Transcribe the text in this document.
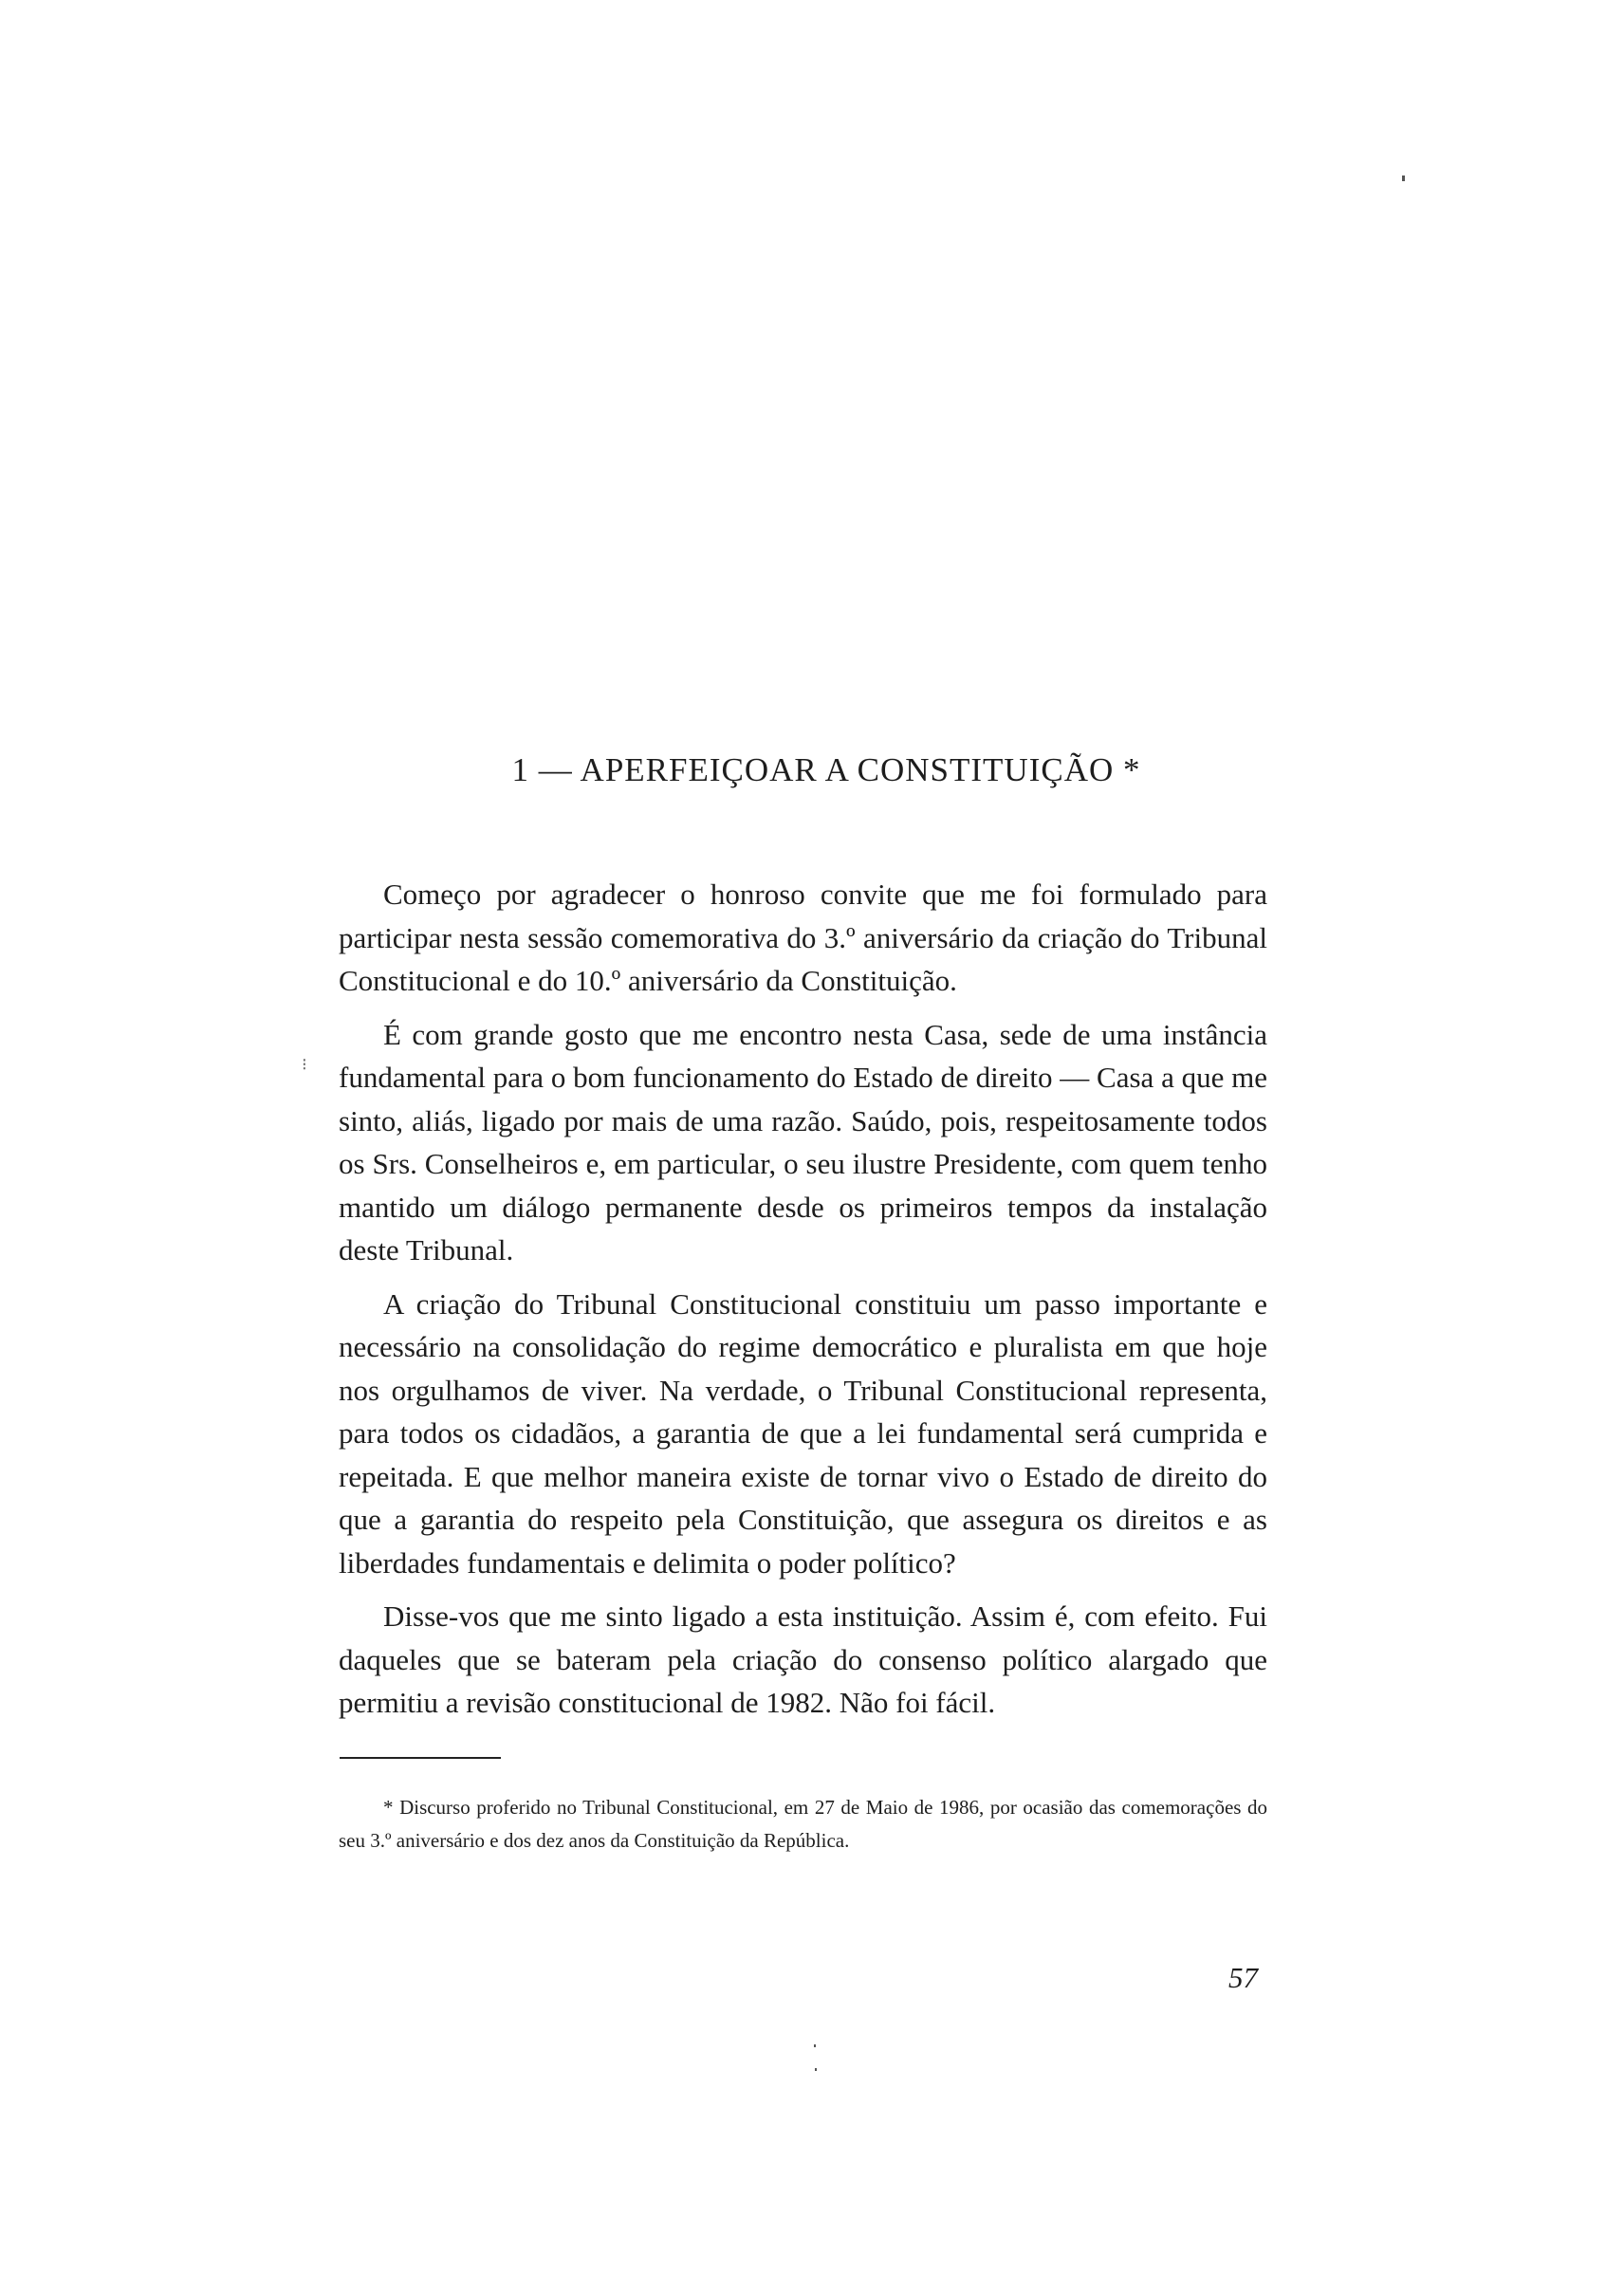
1 — APERFEIÇOAR A CONSTITUIÇÃO *
⁝

Começo por agradecer o honroso convite que me foi formulado para participar nesta sessão comemorativa do 3.º aniversário da criação do Tribunal Constitucional e do 10.º aniversário da Constituição.

É com grande gosto que me encontro nesta Casa, sede de uma instância fundamental para o bom funcionamento do Estado de direito — Casa a que me sinto, aliás, ligado por mais de uma razão. Saúdo, pois, respeitosamente todos os Srs. Conselheiros e, em particular, o seu ilustre Presidente, com quem tenho mantido um diálogo permanente desde os primeiros tempos da instalação deste Tribunal.

A criação do Tribunal Constitucional constituiu um passo importante e necessário na consolidação do regime democrático e pluralista em que hoje nos orgulhamos de viver. Na verdade, o Tribunal Constitucional representa, para todos os cidadãos, a garantia de que a lei fundamental será cumprida e repeitada. E que melhor maneira existe de tornar vivo o Estado de direito do que a garantia do respeito pela Constituição, que assegura os direitos e as liberdades fundamentais e delimita o poder político?

Disse-vos que me sinto ligado a esta instituição. Assim é, com efeito. Fui daqueles que se bateram pela criação do consenso político alargado que permitiu a revisão constitucional de 1982. Não foi fácil.

* Discurso proferido no Tribunal Constitucional, em 27 de Maio de 1986, por ocasião das comemorações do seu 3.º aniversário e dos dez anos da Constituição da República.

57
